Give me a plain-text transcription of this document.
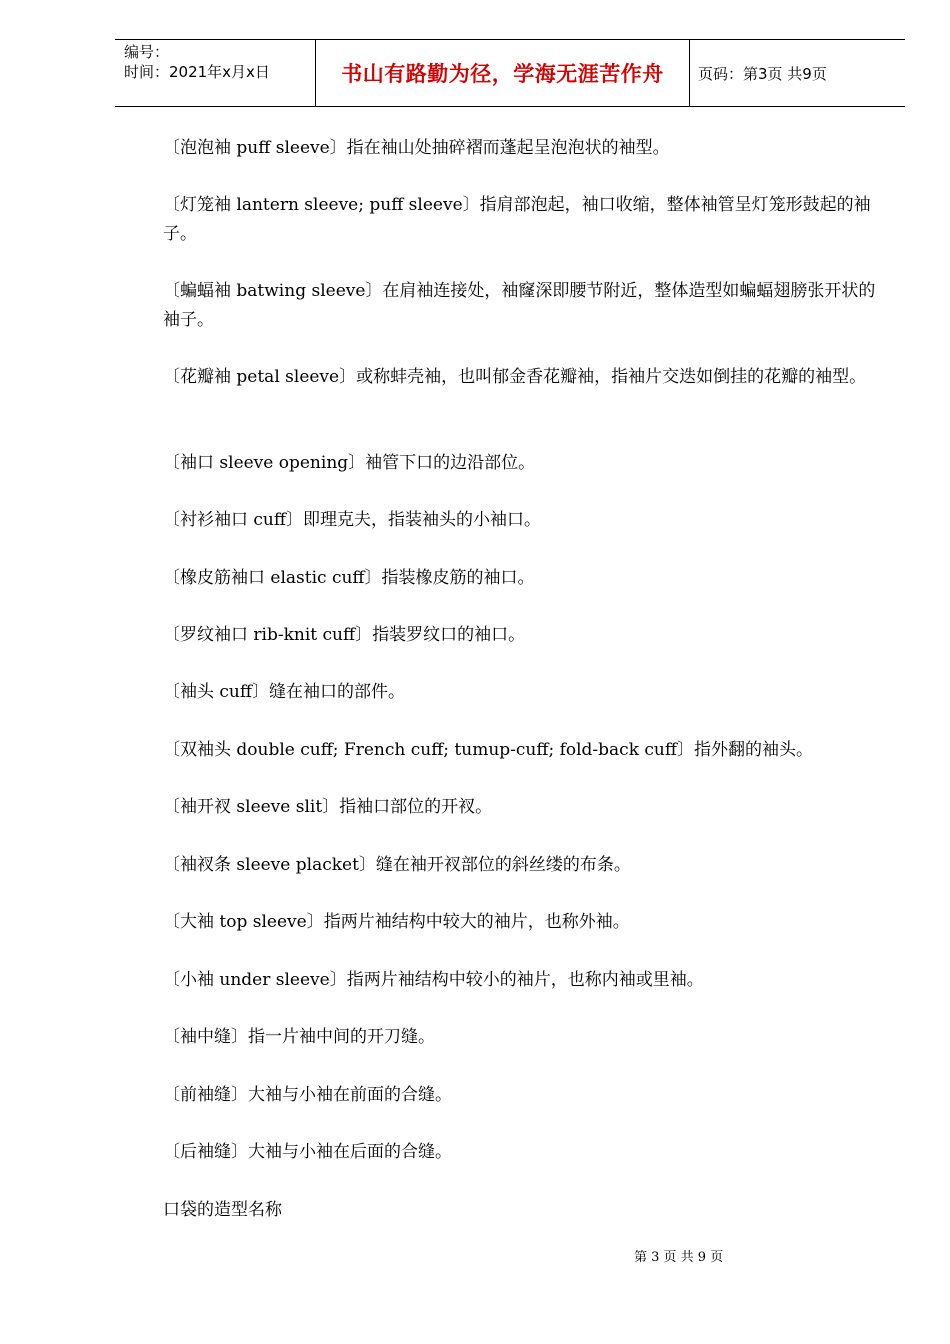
编号：
时间：2021年x月x日	书山有路勤为径，学海无涯苦作舟 页码：第3页 共9页

〔泡泡袖 puff sleeve〕指在袖山处抽碎褶而蓬起呈泡泡状的袖型。

〔灯笼袖 lantern sleeve; puff sleeve〕指肩部泡起，袖口收缩，整体袖管呈灯笼形鼓起的袖子。

〔蝙蝠袖 batwing sleeve〕在肩袖连接处，袖窿深即腰节附近，整体造型如蝙蝠翅膀张开状的袖子。

〔花瓣袖 petal sleeve〕或称蚌壳袖，也叫郁金香花瓣袖，指袖片交迭如倒挂的花瓣的袖型。

〔袖口 sleeve opening〕袖管下口的边沿部位。

〔衬衫袖口 cuff〕即理克夫，指装袖头的小袖口。

〔橡皮筋袖口 elastic cuff〕指装橡皮筋的袖口。

〔罗纹袖口 rib-knit cuff〕指装罗纹口的袖口。

〔袖头 cuff〕缝在袖口的部件。

〔双袖头 double cuff; French cuff; tumup-cuff; fold-back cuff〕指外翻的袖头。

〔袖开衩 sleeve slit〕指袖口部位的开衩。

〔袖衩条 sleeve placket〕缝在袖开衩部位的斜丝缕的布条。

〔大袖 top sleeve〕指两片袖结构中较大的袖片，也称外袖。

〔小袖 under sleeve〕指两片袖结构中较小的袖片，也称内袖或里袖。

〔袖中缝〕指一片袖中间的开刀缝。

〔前袖缝〕大袖与小袖在前面的合缝。

〔后袖缝〕大袖与小袖在后面的合缝。

口袋的造型名称

第 3 页 共 9 页
